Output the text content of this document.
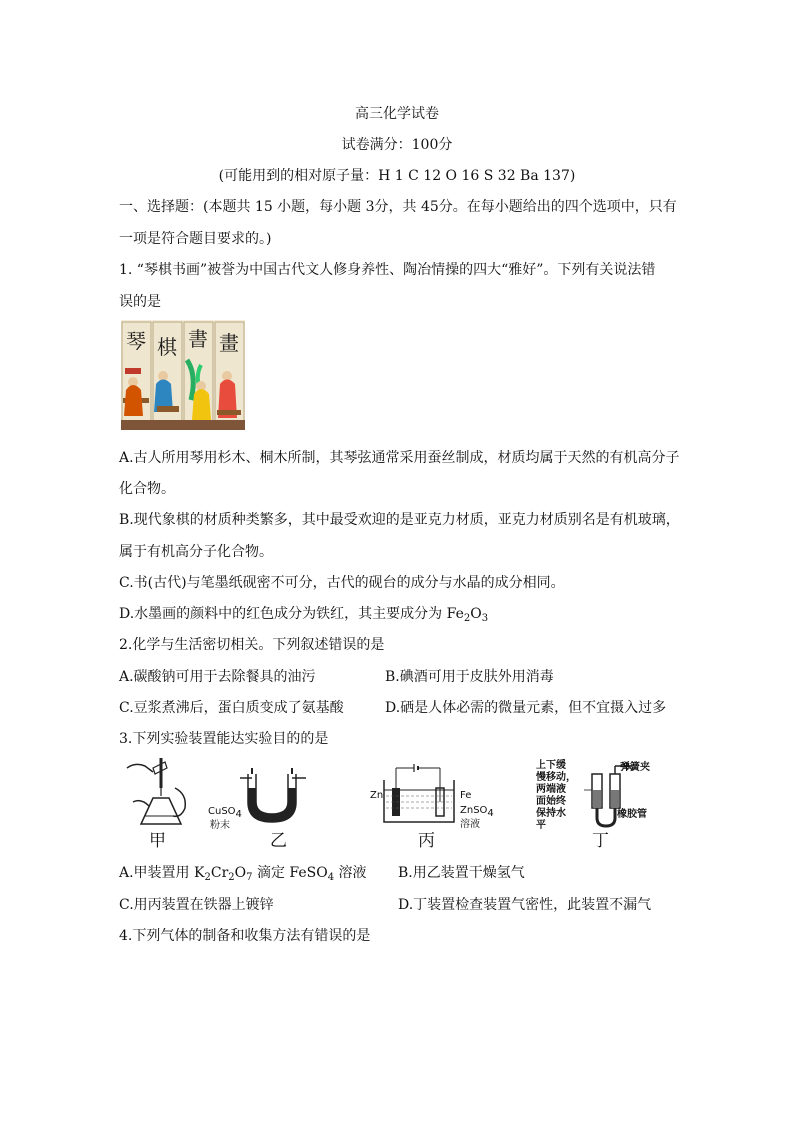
高三化学试卷
试卷满分：100分
(可能用到的相对原子量：H 1 C 12 O 16 S 32 Ba 137)
一、选择题：(本题共 15 小题，每小题 3分，共 45分。在每小题给出的四个选项中，只有
一项是符合题目要求的。)
1. “琴棋书画”被誉为中国古代文人修身养性、陶冶情操的四大“雅好”。下列有关说法错
误的是
琴 棋 書 畫
A.古人所用琴用杉木、桐木所制，其琴弦通常采用蚕丝制成，材质均属于天然的有机高分子
化合物。
B.现代象棋的材质种类繁多，其中最受欢迎的是亚克力材质，亚克力材质别名是有机玻璃，
属于有机高分子化合物。
C.书(古代)与笔墨纸砚密不可分，古代的砚台的成分与水晶的成分相同。
D.水墨画的颜料中的红色成分为铁红，其主要成分为 $Fe_2O_3$
2.化学与生活密切相关。下列叙述错误的是
A.碳酸钠可用于去除餐具的油污	B.碘酒可用于皮肤外用消毒
C.豆浆煮沸后，蛋白质变成了氨基酸	D.硒是人体必需的微量元素，但不宜摄入过多
3.下列实验装置能达实验目的的是
甲
CuSO$_4$
粉末
乙
Zn	Fe
ZnSO$_4$
溶液
丙
上下缓
慢移动，
两端液
面始终
保持水
平
弹簧夹
橡胶管
丁
A.甲装置用 $K_2Cr_2O_7$ 滴定 FeSO$_4$ 溶液 B.用乙装置干燥氢气
C.用丙装置在铁器上镀锌	D.丁装置检查装置气密性，此装置不漏气
4.下列气体的制备和收集方法有错误的是
